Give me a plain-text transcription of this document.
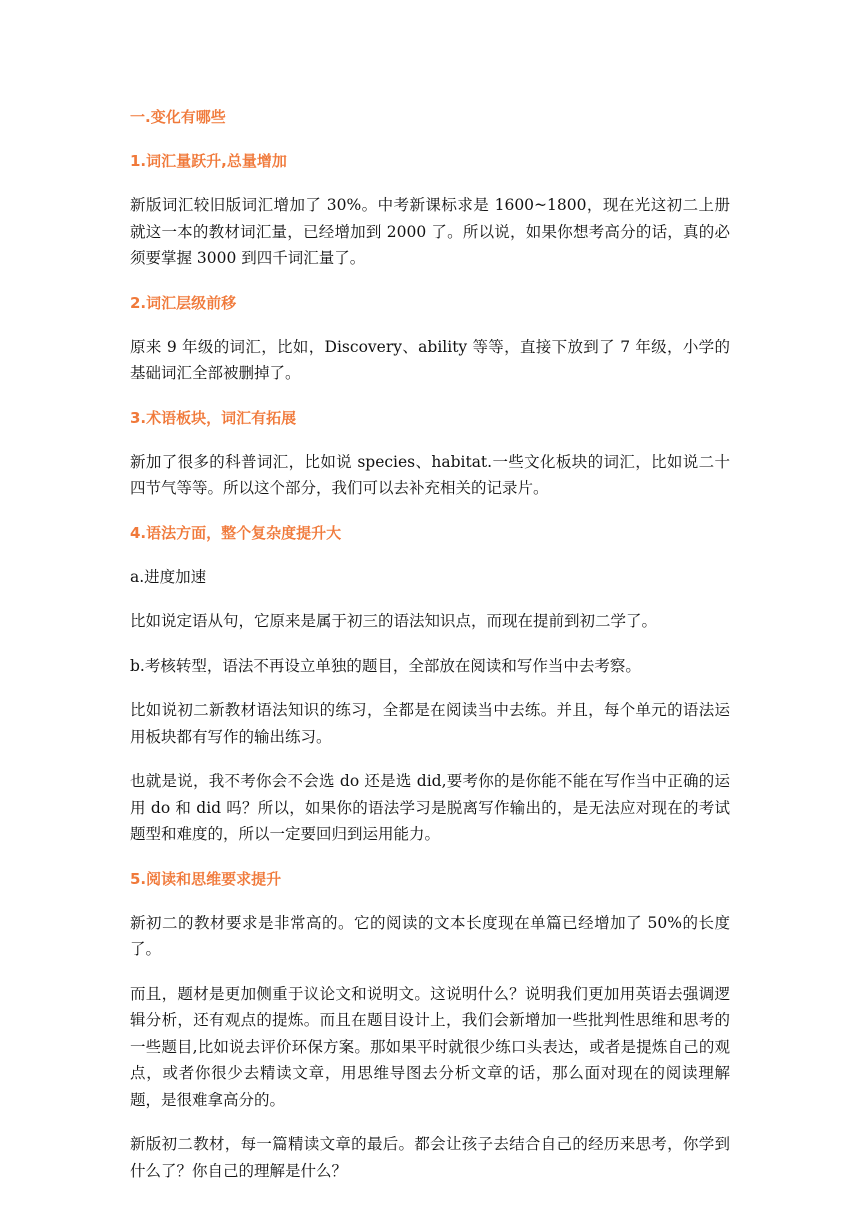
一.变化有哪些
1.词汇量跃升,总量增加
新版词汇较旧版词汇增加了 30%。中考新课标求是 1600~1800，现在光这初二上册就这一本的教材词汇量，已经增加到 2000 了。所以说，如果你想考高分的话，真的必须要掌握 3000 到四千词汇量了。
2.词汇层级前移
原来 9 年级的词汇，比如，Discovery、ability 等等，直接下放到了 7 年级，小学的基础词汇全部被删掉了。
3.术语板块，词汇有拓展
新加了很多的科普词汇，比如说 species、habitat.一些文化板块的词汇，比如说二十四节气等等。所以这个部分，我们可以去补充相关的记录片。
4.语法方面，整个复杂度提升大
a.进度加速
比如说定语从句，它原来是属于初三的语法知识点，而现在提前到初二学了。
b.考核转型，语法不再设立单独的题目，全部放在阅读和写作当中去考察。
比如说初二新教材语法知识的练习，全都是在阅读当中去练。并且，每个单元的语法运用板块都有写作的输出练习。
也就是说，我不考你会不会选 do 还是选 did,要考你的是你能不能在写作当中正确的运用 do 和 did 吗？所以，如果你的语法学习是脱离写作输出的，是无法应对现在的考试题型和难度的，所以一定要回归到运用能力。
5.阅读和思维要求提升
新初二的教材要求是非常高的。它的阅读的文本长度现在单篇已经增加了 50%的长度了。
而且，题材是更加侧重于议论文和说明文。这说明什么？说明我们更加用英语去强调逻辑分析，还有观点的提炼。而且在题目设计上，我们会新增加一些批判性思维和思考的一些题目,比如说去评价环保方案。那如果平时就很少练口头表达，或者是提炼自己的观点，或者你很少去精读文章，用思维导图去分析文章的话，那么面对现在的阅读理解题，是很难拿高分的。
新版初二教材，每一篇精读文章的最后。都会让孩子去结合自己的经历来思考，你学到什么了？你自己的理解是什么？
